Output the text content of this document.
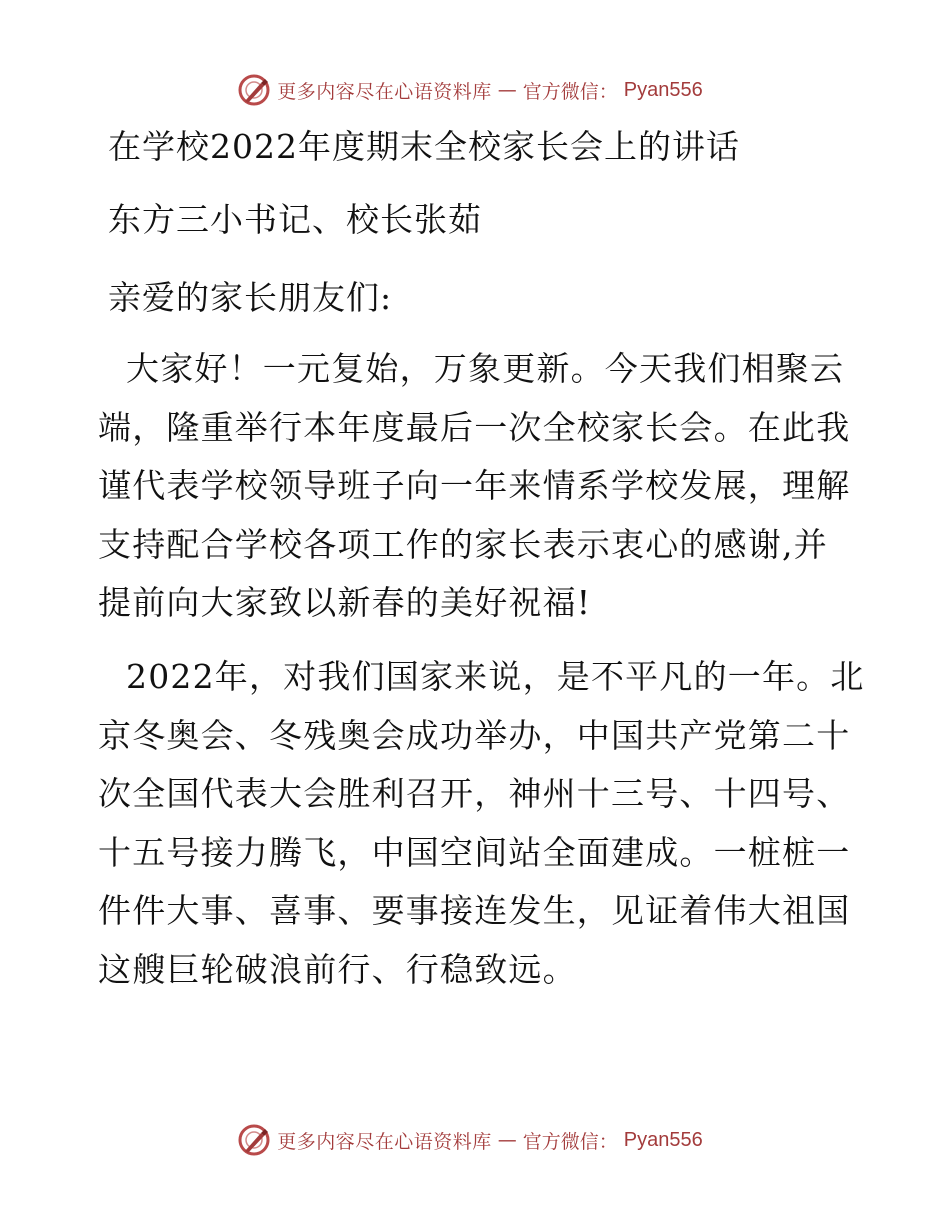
更多内容尽在心语资料库 — 官方微信： Pyan556
在学校2022年度期末全校家长会上的讲话
东方三小书记、校长张茹
亲爱的家长朋友们:
大家好！一元复始，万象更新。今天我们相聚云
端，隆重举行本年度最后一次全校家长会。在此我
谨代表学校领导班子向一年来情系学校发展，理解
支持配合学校各项工作的家长表示衷心的感谢,并
提前向大家致以新春的美好祝福!
2022年，对我们国家来说，是不平凡的一年。北
京冬奥会、冬残奥会成功举办，中国共产党第二十
次全国代表大会胜利召开，神州十三号、十四号、
十五号接力腾飞，中国空间站全面建成。一桩桩一
件件大事、喜事、要事接连发生，见证着伟大祖国
这艘巨轮破浪前行、行稳致远。
更多内容尽在心语资料库 — 官方微信： Pyan556
